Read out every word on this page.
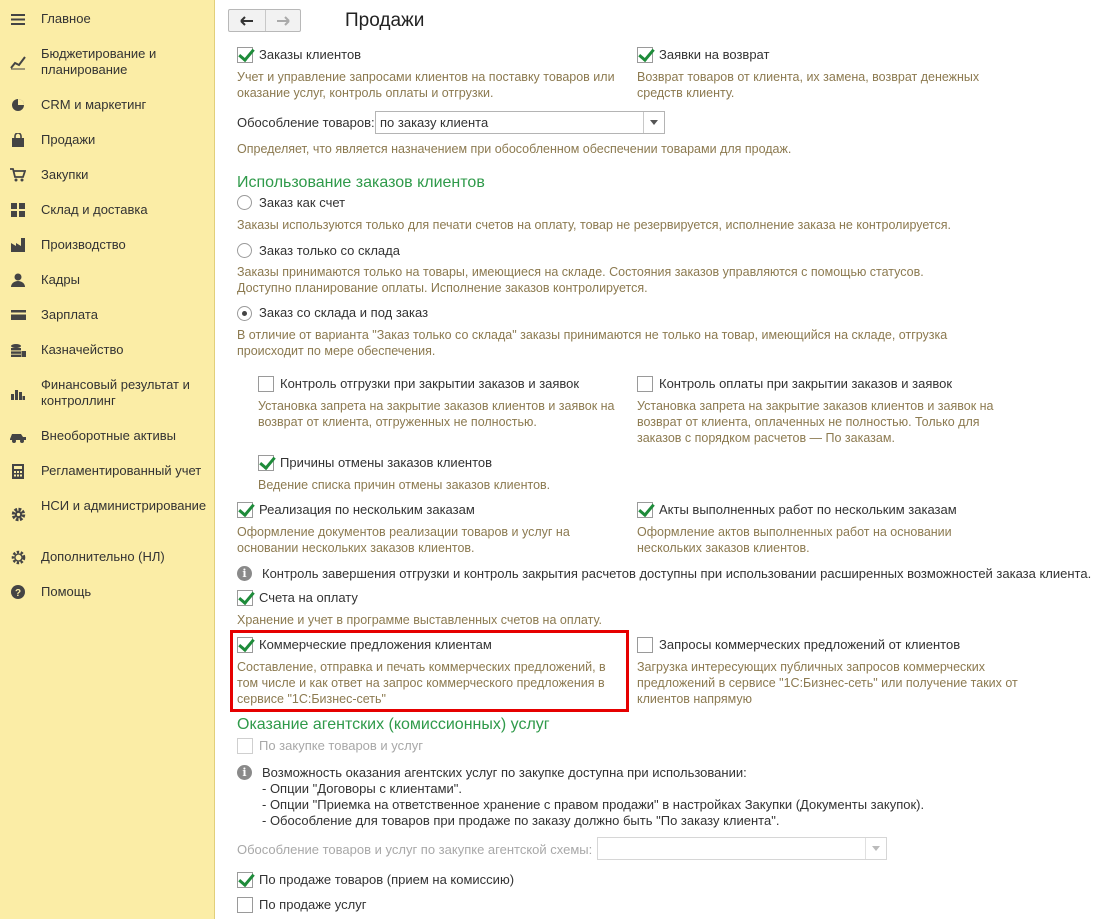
Главное
Бюджетирование и планирование
CRM и маркетинг
Продажи
Закупки
Склад и доставка
Производство
Кадры
Зарплата
Казначейство
Финансовый результат и контроллинг
Внеоборотные активы
Регламентированный учет
НСИ и администрирование
Дополнительно (НЛ)
? Помощь
Продажи
Заказы клиентов
Учет и управление запросами клиентов на поставку товаров или оказание услуг, контроль оплаты и отгрузки.
Заявки на возврат
Возврат товаров от клиента, их замена, возврат денежных средств клиенту.
Обособление товаров: по заказу клиента
Определяет, что является назначением при обособленном обеспечении товарами для продаж.
Использование заказов клиентов
Заказ как счет
Заказы используются только для печати счетов на оплату, товар не резервируется, исполнение заказа не контролируется.
Заказ только со склада
Заказы принимаются только на товары, имеющиеся на складе. Состояния заказов управляются с помощью статусов. Доступно планирование оплаты. Исполнение заказов контролируется.
Заказ со склада и под заказ
В отличие от варианта "Заказ только со склада" заказы принимаются не только на товар, имеющийся на складе, отгрузка происходит по мере обеспечения.
Контроль отгрузки при закрытии заказов и заявок
Установка запрета на закрытие заказов клиентов и заявок на возврат от клиента, отгруженных не полностью.
Контроль оплаты при закрытии заказов и заявок
Установка запрета на закрытие заказов клиентов и заявок на возврат от клиента, оплаченных не полностью. Только для заказов с порядком расчетов — По заказам.
Причины отмены заказов клиентов
Ведение списка причин отмены заказов клиентов.
Реализация по нескольким заказам
Оформление документов реализации товаров и услуг на основании нескольких заказов клиентов.
Акты выполненных работ по нескольким заказам
Оформление актов выполненных работ на основании нескольких заказов клиентов.
i	Контроль завершения отгрузки и контроль закрытия расчетов доступны при использовании расширенных возможностей заказа клиента.
Счета на оплату
Хранение и учет в программе выставленных счетов на оплату.
Коммерческие предложения клиентам
Составление, отправка и печать коммерческих предложений, в том числе и как ответ на запрос коммерческого предложения в сервисе "1С:Бизнес-сеть"
Запросы коммерческих предложений от клиентов
Загрузка интересующих публичных запросов коммерческих предложений в сервисе "1С:Бизнес-сеть" или получение таких от клиентов напрямую
Оказание агентских (комиссионных) услуг
По закупке товаров и услуг
i	Возможность оказания агентских услуг по закупке доступна при использовании:
- Опции "Договоры с клиентами".
- Опции "Приемка на ответственное хранение с правом продажи" в настройках Закупки (Документы закупок).
- Обособление для товаров при продаже по заказу должно быть "По заказу клиента".
Обособление товаров и услуг по закупке агентской схемы:
По продаже товаров (прием на комиссию)
По продаже услуг
